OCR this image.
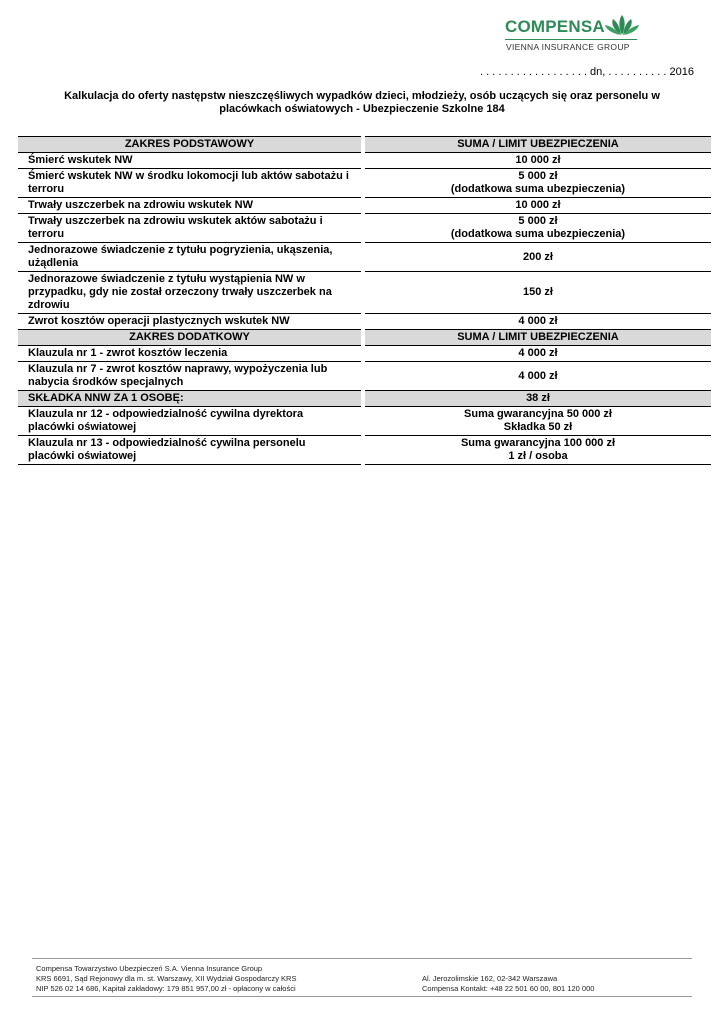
COMPENSA
VIENNA INSURANCE GROUP
. . . . . . . . . . . . . . . . . . dn, . . . . . . . . . . 2016
Kalkulacja do oferty następstw nieszczęśliwych wypadków dzieci, młodzieży, osób uczących się oraz personelu w
placówkach oświatowych - Ubezpieczenie Szkolne 184
ZAKRES PODSTAWOWY		SUMA / LIMIT UBEZPIECZENIA

Śmierć wskutek NW		10 000 zł

Śmierć wskutek NW w środku lokomocji lub aktów sabotażu i terroru		5 000 zł
(dodatkowa suma ubezpieczenia)

Trwały uszczerbek na zdrowiu wskutek NW		10 000 zł

Trwały uszczerbek na zdrowiu wskutek aktów sabotażu i terroru		5 000 zł
(dodatkowa suma ubezpieczenia)

Jednorazowe świadczenie z tytułu pogryzienia, ukąszenia, użądlenia		200 zł

Jednorazowe świadczenie z tytułu wystąpienia NW w przypadku, gdy nie został orzeczony trwały uszczerbek na zdrowiu		150 zł

Zwrot kosztów operacji plastycznych wskutek NW		4 000 zł

ZAKRES DODATKOWY		SUMA / LIMIT UBEZPIECZENIA

Klauzula nr 1 - zwrot kosztów leczenia		4 000 zł

Klauzula nr 7 - zwrot kosztów naprawy, wypożyczenia lub nabycia środków specjalnych		4 000 zł

SKŁADKA NNW ZA 1 OSOBĘ:		38 zł

Klauzula nr 12 - odpowiedzialność cywilna dyrektora placówki oświatowej		Suma gwarancyjna 50 000 zł
Składka 50 zł

Klauzula nr 13 - odpowiedzialność cywilna personelu placówki oświatowej		Suma gwarancyjna 100 000 zł
1 zł / osoba
Compensa Towarzystwo Ubezpieczeń S.A. Vienna Insurance Group
KRS 6691, Sąd Rejonowy dla m. st. Warszawy, XII Wydział Gospodarczy KRS
NIP 526 02 14 686, Kapitał zakładowy: 179 851 957,00 zł - opłacony w całości
Al. Jerozolimskie 162, 02-342 Warszawa
Compensa Kontakt: +48 22 501 60 00, 801 120 000
